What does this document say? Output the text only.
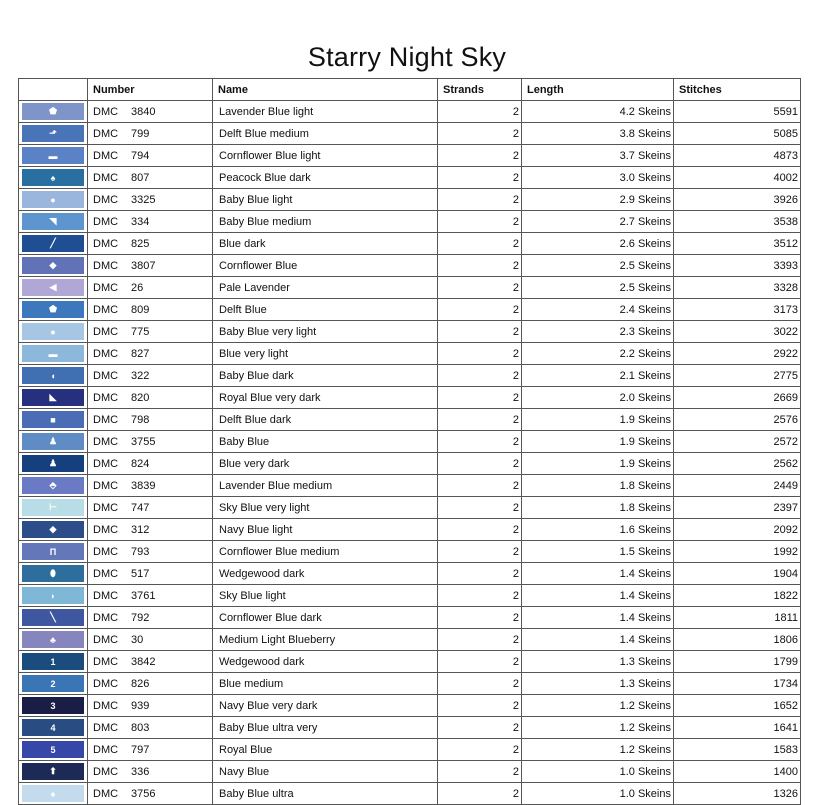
Starry Night Sky
	Number	Name	Strands	Length	Stitches

⬟	DMC 3840	Lavender Blue light	2	4.2 Skeins	5591

⬏	DMC 799	Delft Blue medium	2	3.8 Skeins	5085

▬	DMC 794	Cornflower Blue light	2	3.7 Skeins	4873

♠	DMC 807	Peacock Blue dark	2	3.0 Skeins	4002

●	DMC 3325	Baby Blue light	2	2.9 Skeins	3926

◥	DMC 334	Baby Blue medium	2	2.7 Skeins	3538

╱	DMC 825	Blue dark	2	2.6 Skeins	3512

◆	DMC 3807	Cornflower Blue	2	2.5 Skeins	3393

◀	DMC 26	Pale Lavender	2	2.5 Skeins	3328

⬟	DMC 809	Delft Blue	2	2.4 Skeins	3173

●	DMC 775	Baby Blue very light	2	2.3 Skeins	3022

▬	DMC 827	Blue very light	2	2.2 Skeins	2922

◖	DMC 322	Baby Blue dark	2	2.1 Skeins	2775

◣	DMC 820	Royal Blue very dark	2	2.0 Skeins	2669

■	DMC 798	Delft Blue dark	2	1.9 Skeins	2576

♟	DMC 3755	Baby Blue	2	1.9 Skeins	2572

♟	DMC 824	Blue very dark	2	1.9 Skeins	2562

⬘	DMC 3839	Lavender Blue medium	2	1.8 Skeins	2449

⊢	DMC 747	Sky Blue very light	2	1.8 Skeins	2397

◆	DMC 312	Navy Blue light	2	1.6 Skeins	2092

Π	DMC 793	Cornflower Blue medium	2	1.5 Skeins	1992

⬮	DMC 517	Wedgewood dark	2	1.4 Skeins	1904

◗	DMC 3761	Sky Blue light	2	1.4 Skeins	1822

╲	DMC 792	Cornflower Blue dark	2	1.4 Skeins	1811

♣	DMC 30	Medium Light Blueberry	2	1.4 Skeins	1806

1	DMC 3842	Wedgewood dark	2	1.3 Skeins	1799

2	DMC 826	Blue medium	2	1.3 Skeins	1734

3	DMC 939	Navy Blue very dark	2	1.2 Skeins	1652

4	DMC 803	Baby Blue ultra very	2	1.2 Skeins	1641

5	DMC 797	Royal Blue	2	1.2 Skeins	1583

⬆	DMC 336	Navy Blue	2	1.0 Skeins	1400

♠	DMC 3756	Baby Blue ultra	2	1.0 Skeins	1326
